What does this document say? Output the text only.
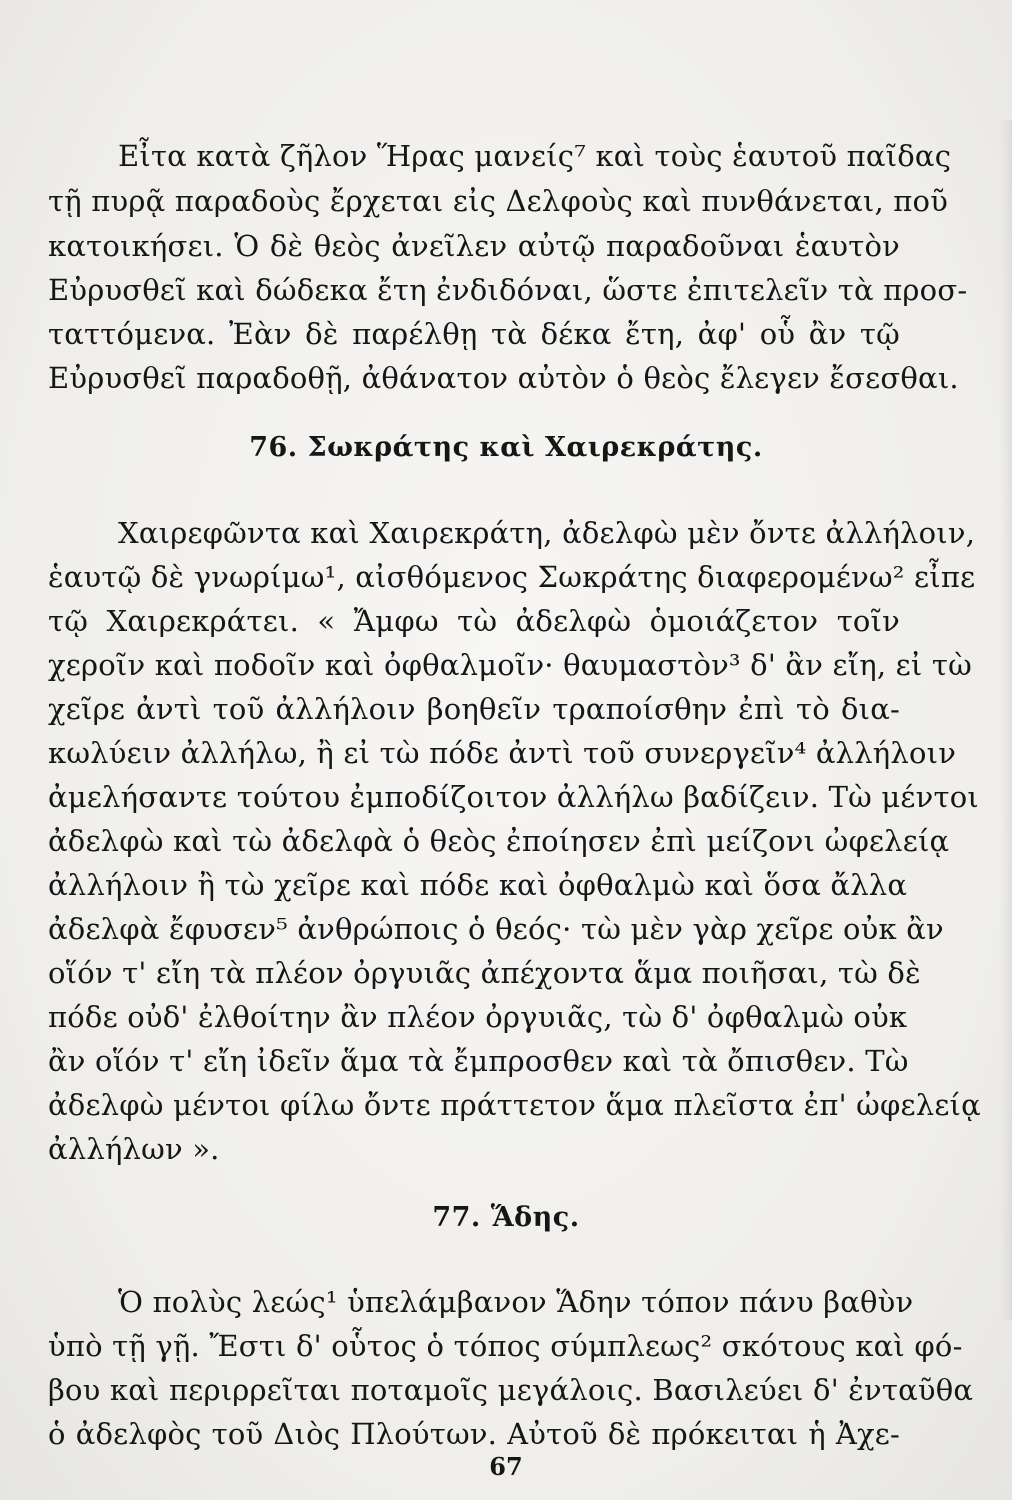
Εἶτα κατὰ ζῆλον Ἥρας μανείς⁷ καὶ τοὺς ἑαυτοῦ παῖδας
τῇ πυρᾷ παραδοὺς ἔρχεται εἰς Δελφοὺς καὶ πυνθάνεται, ποῦ
κατοικήσει. Ὁ δὲ θεὸς ἀνεῖλεν αὐτῷ παραδοῦναι ἑαυτὸν
Εὐρυσθεῖ καὶ δώδεκα ἔτη ἐνδιδόναι, ὥστε ἐπιτελεῖν τὰ προσ-
ταττόμενα. Ἐὰν δὲ παρέλθῃ τὰ δέκα ἔτη, ἀφ' οὗ ἂν τῷ
Εὐρυσθεῖ παραδοθῇ, ἀθάνατον αὐτὸν ὁ θεὸς ἔλεγεν ἔσεσθαι.
76. Σωκράτης καὶ Χαιρεκράτης.
Χαιρεφῶντα καὶ Χαιρεκράτη, ἀδελφὼ μὲν ὄντε ἀλλήλοιν,
ἑαυτῷ δὲ γνωρίμω¹, αἰσθόμενος Σωκράτης διαφερομένω² εἶπε
τῷ Χαιρεκράτει. « Ἄμφω τὼ ἀδελφὼ ὁμοιάζετον τοῖν
χεροῖν καὶ ποδοῖν καὶ ὀφθαλμοῖν· θαυμαστὸν³ δ' ἂν εἴη, εἰ τὼ
χεῖρε ἀντὶ τοῦ ἀλλήλοιν βοηθεῖν τραποίσθην ἐπὶ τὸ δια-
κωλύειν ἀλλήλω, ἢ εἰ τὼ πόδε ἀντὶ τοῦ συνεργεῖν⁴ ἀλλήλοιν
ἀμελήσαντε τούτου ἐμποδίζοιτον ἀλλήλω βαδίζειν. Τὼ μέντοι
ἀδελφὼ καὶ τὼ ἀδελφὰ ὁ θεὸς ἐποίησεν ἐπὶ μείζονι ὠφελείᾳ
ἀλλήλοιν ἢ τὼ χεῖρε καὶ πόδε καὶ ὀφθαλμὼ καὶ ὅσα ἄλλα
ἀδελφὰ ἔφυσεν⁵ ἀνθρώποις ὁ θεός· τὼ μὲν γὰρ χεῖρε οὐκ ἂν
οἵόν τ' εἴη τὰ πλέον ὀργυιᾶς ἀπέχοντα ἅμα ποιῆσαι, τὼ δὲ
πόδε οὐδ' ἐλθοίτην ἂν πλέον ὀργυιᾶς, τὼ δ' ὀφθαλμὼ οὐκ
ἂν οἵόν τ' εἴη ἰδεῖν ἅμα τὰ ἔμπροσθεν καὶ τὰ ὄπισθεν. Τὼ
ἀδελφὼ μέντοι φίλω ὄντε πράττετον ἅμα πλεῖστα ἐπ' ὠφελείᾳ
ἀλλήλων ».
77. Ἅδης.
Ὁ πολὺς λεώς¹ ὑπελάμβανον Ἅδην τόπον πάνυ βαθὺν
ὑπὸ τῇ γῇ. Ἔστι δ' οὗτος ὁ τόπος σύμπλεως² σκότους καὶ φό-
βου καὶ περιρρεῖται ποταμοῖς μεγάλοις. Βασιλεύει δ' ἐνταῦθα
ὁ ἀδελφὸς τοῦ Διὸς Πλούτων. Αὐτοῦ δὲ πρόκειται ἡ Ἀχε-
67
